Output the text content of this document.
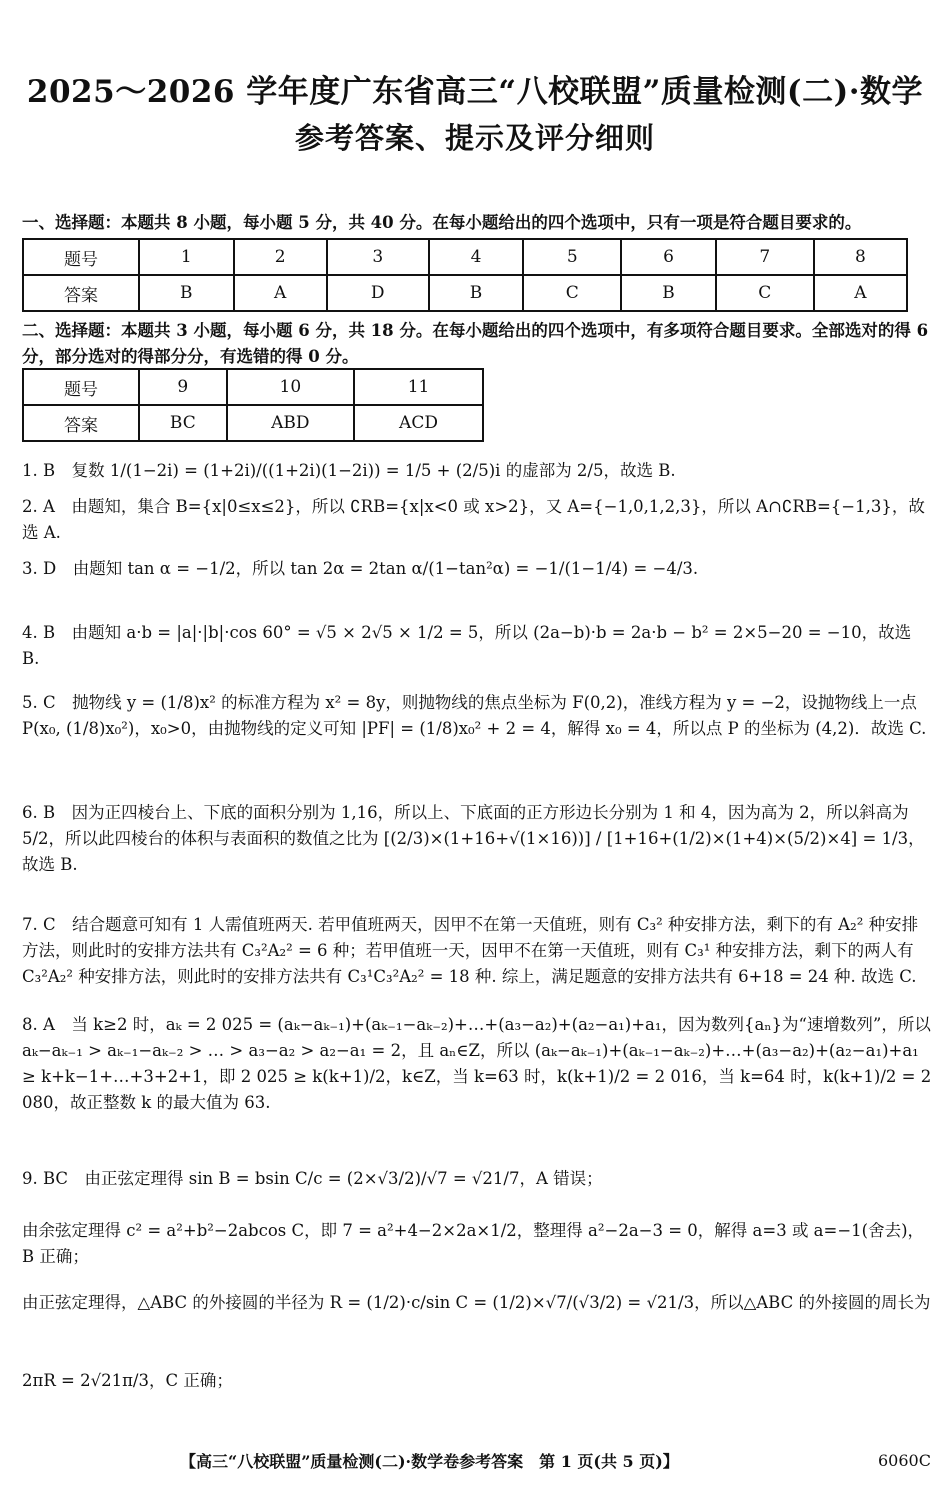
2025～2026 学年度广东省高三“八校联盟”质量检测(二)·数学
参考答案、提示及评分细则
一、选择题：本题共 8 小题，每小题 5 分，共 40 分。在每小题给出的四个选项中，只有一项是符合题目要求的。
题号	1	2	3	4	5	6	7	8
答案	B	A	D	B	C	B	C	A
二、选择题：本题共 3 小题，每小题 6 分，共 18 分。在每小题给出的四个选项中，有多项符合题目要求。全部选对的得 6 分，部分选对的得部分分，有选错的得 0 分。
题号	9	10	11
答案	BC	ABD	ACD
1. B　复数 1/(1−2i) = (1+2i)/((1+2i)(1−2i)) = 1/5 + (2/5)i 的虚部为 2/5，故选 B.
2. A　由题知，集合 B={x|0≤x≤2}，所以 ∁RB={x|x<0 或 x>2}，又 A={−1,0,1,2,3}，所以 A∩∁RB={−1,3}，故选 A.
3. D　由题知 tan α = −1/2，所以 tan 2α = 2tan α/(1−tan²α) = −1/(1−1/4) = −4/3.
4. B　由题知 a·b = |a|·|b|·cos 60° = √5 × 2√5 × 1/2 = 5，所以 (2a−b)·b = 2a·b − b² = 2×5−20 = −10，故选 B.
5. C　抛物线 y = (1/8)x² 的标准方程为 x² = 8y，则抛物线的焦点坐标为 F(0,2)，准线方程为 y = −2，设抛物线上一点 P(x₀, (1/8)x₀²)，x₀>0，由抛物线的定义可知 |PF| = (1/8)x₀² + 2 = 4，解得 x₀ = 4，所以点 P 的坐标为 (4,2)．故选 C.
6. B　因为正四棱台上、下底的面积分别为 1,16，所以上、下底面的正方形边长分别为 1 和 4，因为高为 2，所以斜高为 5/2，所以此四棱台的体积与表面积的数值之比为 [(2/3)×(1+16+√(1×16))] / [1+16+(1/2)×(1+4)×(5/2)×4] = 1/3，故选 B.
7. C　结合题意可知有 1 人需值班两天. 若甲值班两天，因甲不在第一天值班，则有 C₃² 种安排方法，剩下的有 A₂² 种安排方法，则此时的安排方法共有 C₃²A₂² = 6 种；若甲值班一天，因甲不在第一天值班，则有 C₃¹ 种安排方法，剩下的两人有 C₃²A₂² 种安排方法，则此时的安排方法共有 C₃¹C₃²A₂² = 18 种. 综上，满足题意的安排方法共有 6+18 = 24 种. 故选 C.
8. A　当 k≥2 时，aₖ = 2 025 = (aₖ−aₖ₋₁)+(aₖ₋₁−aₖ₋₂)+…+(a₃−a₂)+(a₂−a₁)+a₁，因为数列{aₙ}为“速增数列”，所以 aₖ−aₖ₋₁ > aₖ₋₁−aₖ₋₂ > … > a₃−a₂ > a₂−a₁ = 2，且 aₙ∈Z，所以 (aₖ−aₖ₋₁)+(aₖ₋₁−aₖ₋₂)+…+(a₃−a₂)+(a₂−a₁)+a₁ ≥ k+k−1+…+3+2+1，即 2 025 ≥ k(k+1)/2，k∈Z，当 k=63 时，k(k+1)/2 = 2 016，当 k=64 时，k(k+1)/2 = 2 080，故正整数 k 的最大值为 63.
9. BC　由正弦定理得 sin B = bsin C/c = (2×√3/2)/√7 = √21/7，A 错误；
由余弦定理得 c² = a²+b²−2abcos C，即 7 = a²+4−2×2a×1/2，整理得 a²−2a−3 = 0，解得 a=3 或 a=−1(舍去)，B 正确；
由正弦定理得，△ABC 的外接圆的半径为 R = (1/2)·c/sin C = (1/2)×√7/(√3/2) = √21/3，所以△ABC 的外接圆的周长为
2πR = 2√21π/3，C 正确；
【高三“八校联盟”质量检测(二)·数学卷参考答案　第 1 页(共 5 页)】	6060C
